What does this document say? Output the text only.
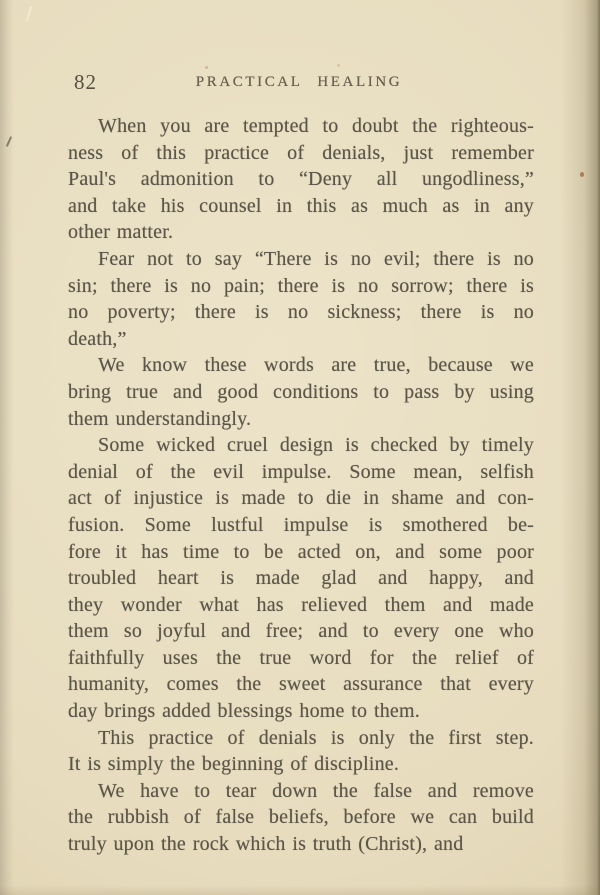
82	PRACTICAL HEALING
When you are tempted to doubt the righteous-
ness of this practice of denials, just remember
Paul's admonition to “Deny all ungodliness,”
and take his counsel in this as much as in any
other matter.
Fear not to say “There is no evil; there is no
sin; there is no pain; there is no sorrow; there is
no poverty; there is no sickness; there is no
death,”
We know these words are true, because we
bring true and good conditions to pass by using
them understandingly.
Some wicked cruel design is checked by timely
denial of the evil impulse. Some mean, selfish
act of injustice is made to die in shame and con-
fusion. Some lustful impulse is smothered be-
fore it has time to be acted on, and some poor
troubled heart is made glad and happy, and
they wonder what has relieved them and made
them so joyful and free; and to every one who
faithfully uses the true word for the relief of
humanity, comes the sweet assurance that every
day brings added blessings home to them.
This practice of denials is only the first step.
It is simply the beginning of discipline.
We have to tear down the false and remove
the rubbish of false beliefs, before we can build
truly upon the rock which is truth (Christ), and
